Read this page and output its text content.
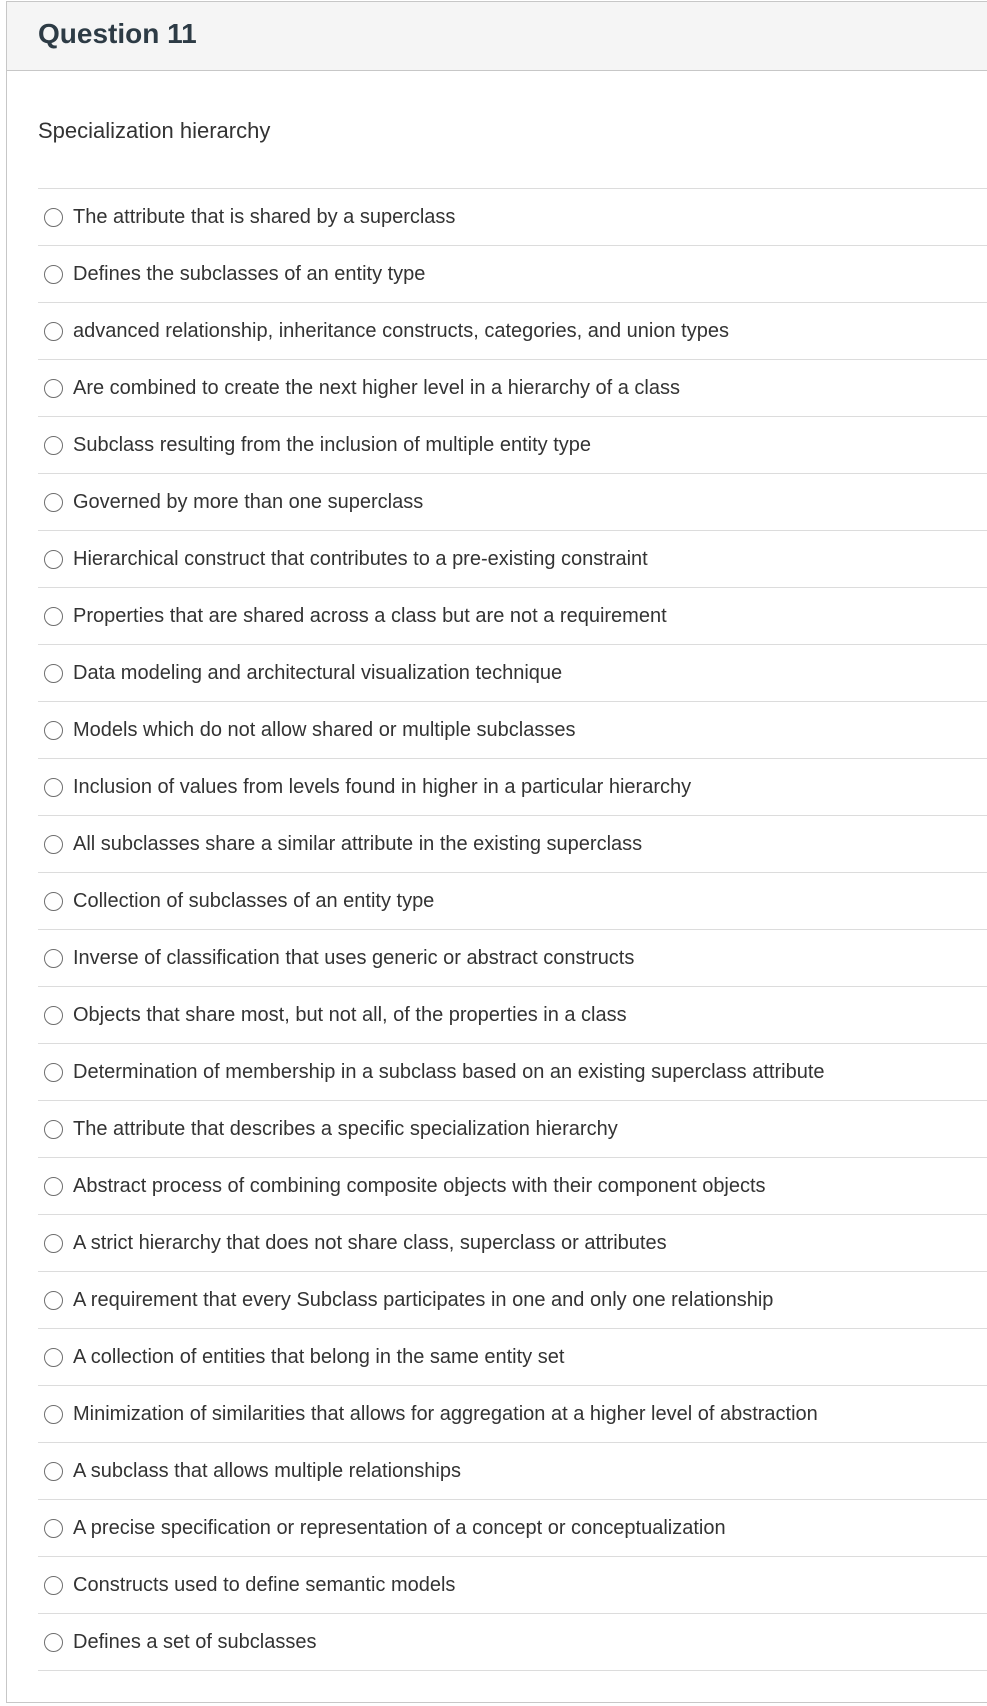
Question 11
Specialization hierarchy
The attribute that is shared by a superclass
Defines the subclasses of an entity type
advanced relationship, inheritance constructs, categories, and union types
Are combined to create the next higher level in a hierarchy of a class
Subclass resulting from the inclusion of multiple entity type
Governed by more than one superclass
Hierarchical construct that contributes to a pre-existing constraint
Properties that are shared across a class but are not a requirement
Data modeling and architectural visualization technique
Models which do not allow shared or multiple subclasses
Inclusion of values from levels found in higher in a particular hierarchy
All subclasses share a similar attribute in the existing superclass
Collection of subclasses of an entity type
Inverse of classification that uses generic or abstract constructs
Objects that share most, but not all, of the properties in a class
Determination of membership in a subclass based on an existing superclass attribute
The attribute that describes a specific specialization hierarchy
Abstract process of combining composite objects with their component objects
A strict hierarchy that does not share class, superclass or attributes
A requirement that every Subclass participates in one and only one relationship
A collection of entities that belong in the same entity set
Minimization of similarities that allows for aggregation at a higher level of abstraction
A subclass that allows multiple relationships
A precise specification or representation of a concept or conceptualization
Constructs used to define semantic models
Defines a set of subclasses
